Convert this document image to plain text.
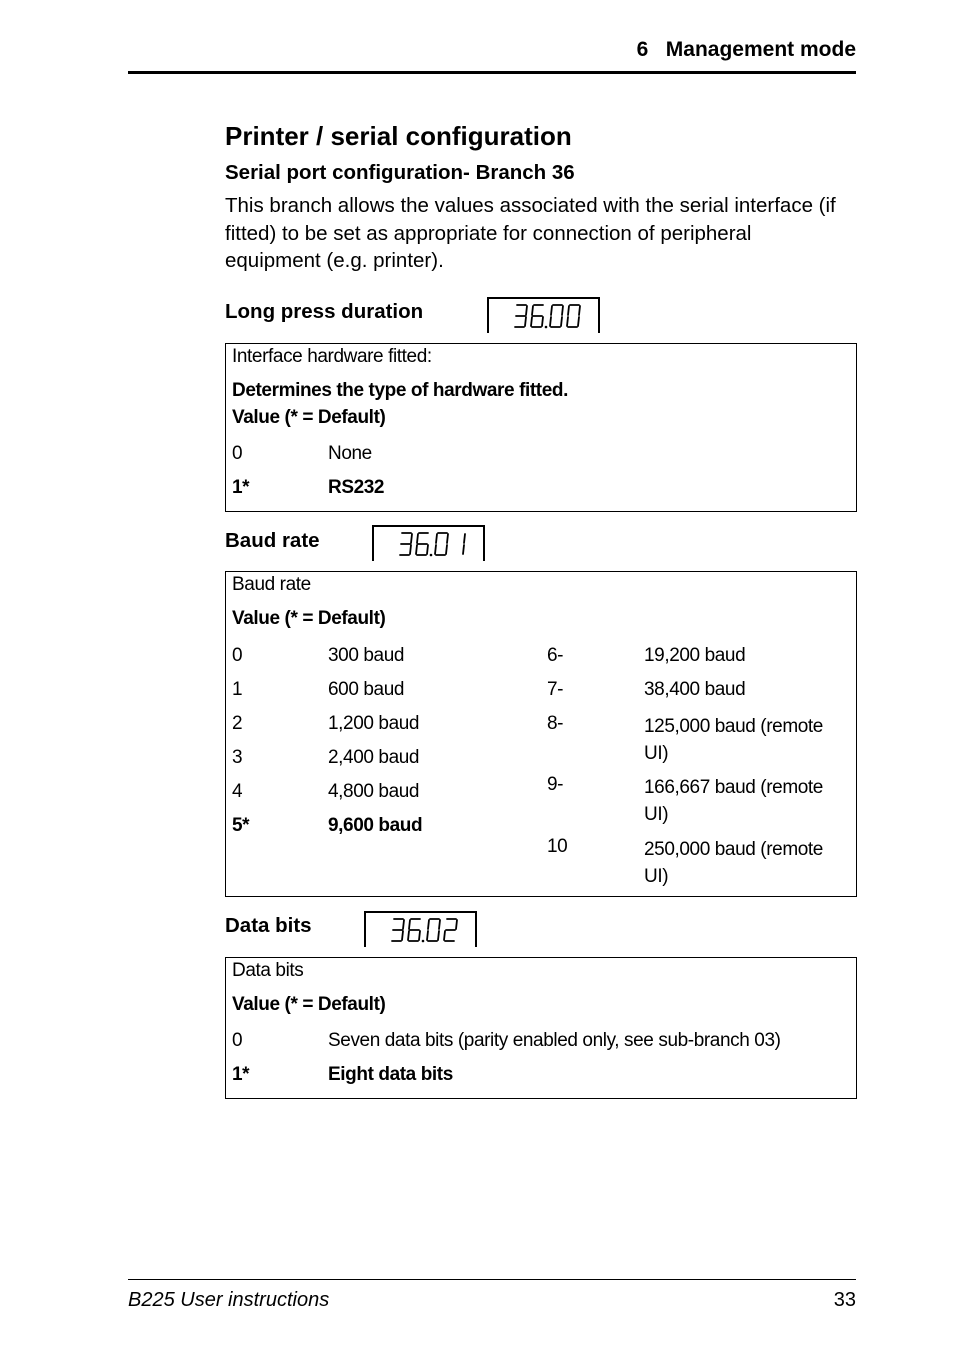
6 Management mode
Printer / serial configuration
Serial port configuration- Branch 36
This branch allows the values associated with the serial interface (if fitted) to be set as appropriate for connection of peripheral equipment (e.g. printer).
Long press duration
Interface hardware fitted:
Determines the type of hardware fitted.
Value (* = Default)
0	None
1*	RS232
Baud rate
Baud rate
Value (* = Default)
0	300 baud
1	600 baud
2	1,200 baud
3	2,400 baud
4	4,800 baud
5*	9,600 baud
6-	19,200 baud
7-	38,400 baud
8-	125,000 baud (remote UI)
9-	166,667 baud (remote UI)
10	250,000 baud (remote UI)
Data bits
Data bits
Value (* = Default)
0	Seven data bits (parity enabled only, see sub-branch 03)
1*	Eight data bits
B225 User instructions	33
